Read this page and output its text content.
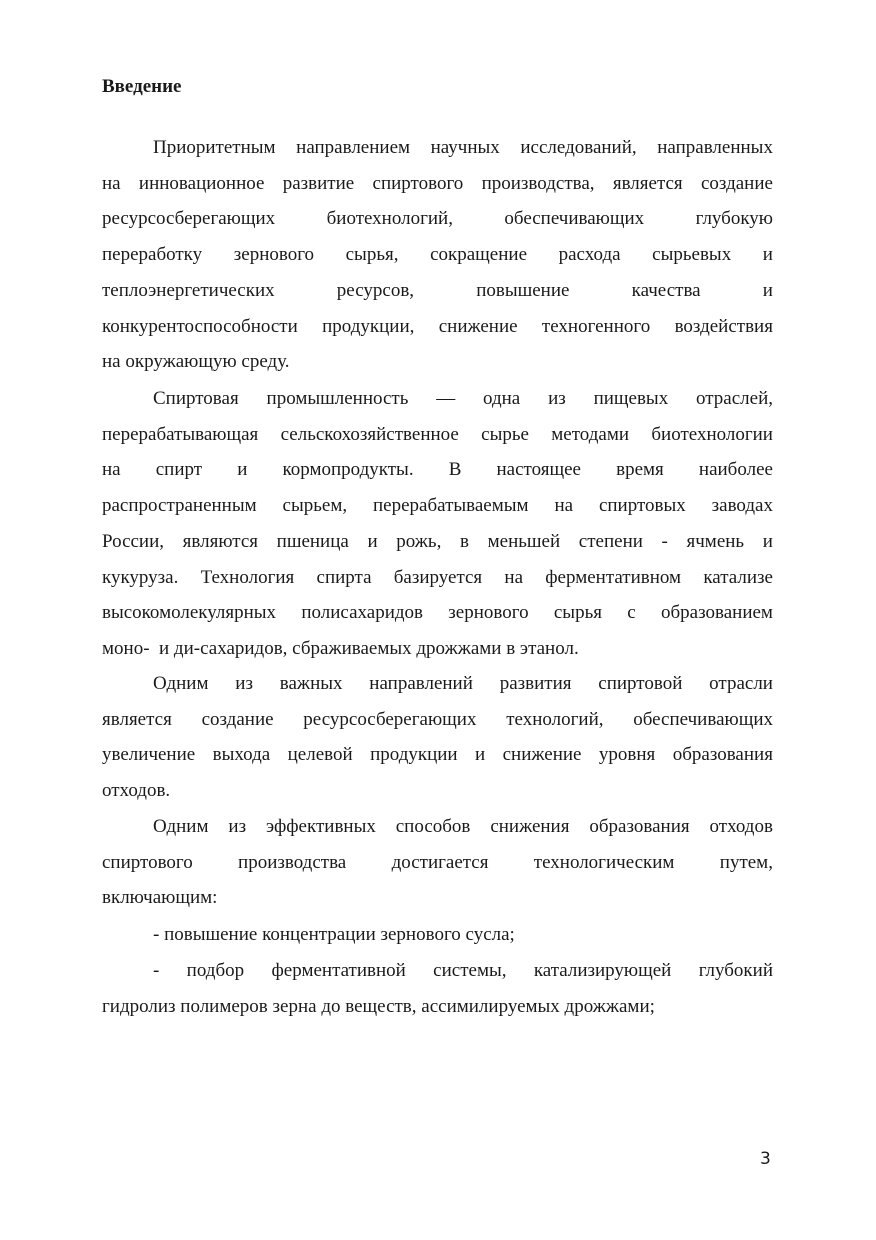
Введение
Приоритетным направлением научных исследований, направленных
на инновационное развитие спиртового производства, является создание
ресурсосберегающих	биотехнологий,	обеспечивающих	глубокую
переработку зернового сырья, сокращение расхода сырьевых и
теплоэнергетических	ресурсов,	повышение	качества	и
конкурентоспособности продукции, снижение техногенного воздействия
на окружающую среду.
Спиртовая промышленность — одна из пищевых отраслей,
перерабатывающая сельскохозяйственное сырье методами биотехнологии
на спирт и кормопродукты. В настоящее время наиболее
распространенным сырьем, перерабатываемым на спиртовых заводах
России, являются пшеница и рожь, в меньшей степени - ячмень и
кукуруза. Технология спирта базируется на ферментативном катализе
высокомолекулярных полисахаридов зернового сырья с образованием
моно-  и ди-сахаридов, сбраживаемых дрожжами в этанол.
Одним из важных направлений развития спиртовой отрасли
является создание ресурсосберегающих технологий, обеспечивающих
увеличение выхода целевой продукции и снижение уровня образования
отходов.
Одним из эффективных способов снижения образования отходов
спиртового производства достигается технологическим путем,
включающим:
- повышение концентрации зернового сусла;
- подбор ферментативной системы, катализирующей глубокий
гидролиз полимеров зерна до веществ, ассимилируемых дрожжами;
3
